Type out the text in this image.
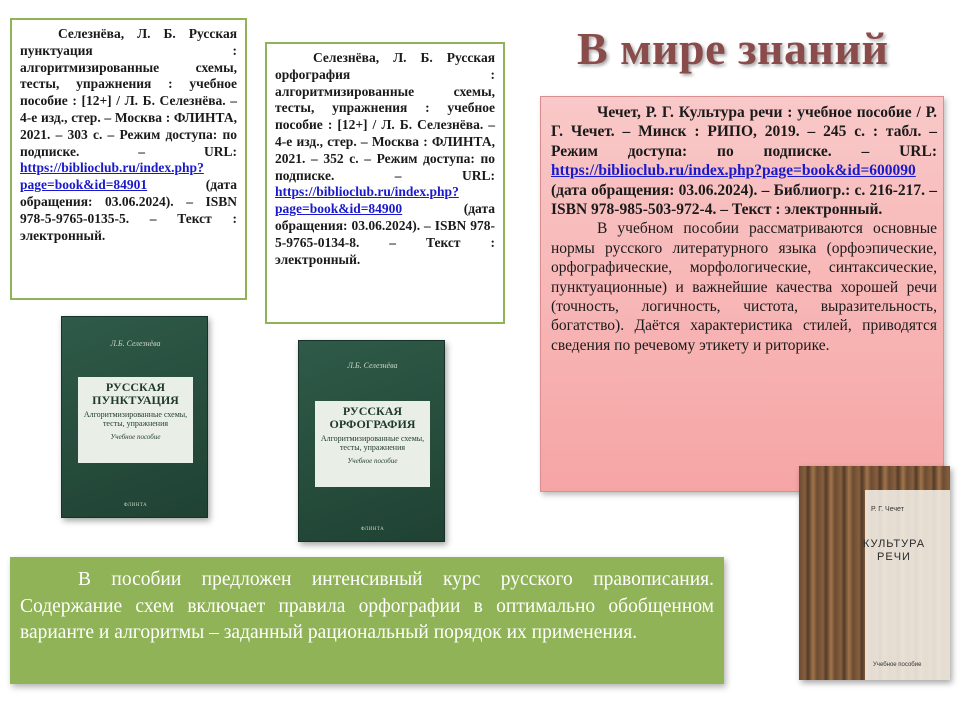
В мире знаний

Селезнёва, Л. Б. Русская пунктуация : алгоритмизированные схемы, тесты, упражнения : учебное пособие : [12+] / Л. Б. Селезнёва. – 4-е изд., стер. – Москва : ФЛИНТА, 2021. – 303 с. – Режим доступа: по подписке. – URL: https://biblioclub.ru/index.php?page=book&id=84901 (дата обращения: 03.06.2024). – ISBN 978-5-9765-0135-5. – Текст : электронный.

Селезнёва, Л. Б. Русская орфография : алгоритмизированные схемы, тесты, упражнения : учебное пособие : [12+] / Л. Б. Селезнёва. – 4-е изд., стер. – Москва : ФЛИНТА, 2021. – 352 с. – Режим доступа: по подписке. – URL: https://biblioclub.ru/index.php?page=book&id=84900 (дата обращения: 03.06.2024). – ISBN 978-5-9765-0134-8. – Текст : электронный.

Чечет, Р. Г. Культура речи : учебное пособие / Р. Г. Чечет. – Минск : РИПО, 2019. – 245 с. : табл. – Режим доступа: по подписке. – URL: https://biblioclub.ru/index.php?page=book&id=600090 (дата обращения: 03.06.2024). – Библиогр.: с. 216-217. – ISBN 978-985-503-972-4. – Текст : электронный.

В учебном пособии рассматриваются основные нормы русского литературного языка (орфоэпические, орфографические, морфологические, синтаксические, пунктуационные) и важнейшие качества хорошей речи (точность, логичность, чистота, выразительность, богатство). Даётся характеристика стилей, приводятся сведения по речевому этикету и риторике.

Л.Б. Селезнёва
РУССКАЯ ПУНКТУАЦИЯ
Алгоритмизированные схемы, тесты, упражнения
Учебное пособие
ФЛИНТА
Л.Б. Селезнёва
РУССКАЯ ОРФОГРАФИЯ
Алгоритмизированные схемы, тесты, упражнения
Учебное пособие
ФЛИНТА
Р. Г. Чечет
КУЛЬТУРА РЕЧИ
Учебное пособие

В пособии предложен интенсивный курс русского правописания. Содержание схем включает правила орфографии в оптимально обобщенном варианте и алгоритмы – заданный рациональный порядок их применения.
